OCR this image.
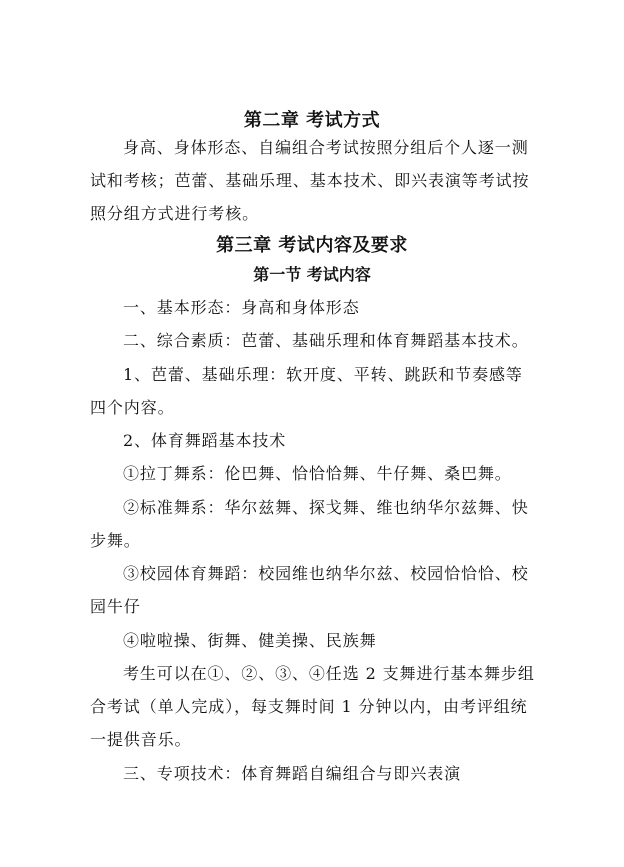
第二章 考试方式

身高、身体形态、自编组合考试按照分组后个人逐一测

试和考核；芭蕾、基础乐理、基本技术、即兴表演等考试按

照分组方式进行考核。

第三章 考试内容及要求
第一节 考试内容

一、基本形态：身高和身体形态

二、综合素质：芭蕾、基础乐理和体育舞蹈基本技术。

1、芭蕾、基础乐理：软开度、平转、跳跃和节奏感等

四个内容。

2、体育舞蹈基本技术

①拉丁舞系：伦巴舞、恰恰恰舞、牛仔舞、桑巴舞。

②标准舞系：华尔兹舞、探戈舞、维也纳华尔兹舞、快

步舞。

③校园体育舞蹈：校园维也纳华尔兹、校园恰恰恰、校

园牛仔

④啦啦操、街舞、健美操、民族舞

考生可以在①、②、③、④任选 2 支舞进行基本舞步组

合考试（单人完成），每支舞时间 1 分钟以内，由考评组统

一提供音乐。

三、专项技术：体育舞蹈自编组合与即兴表演
